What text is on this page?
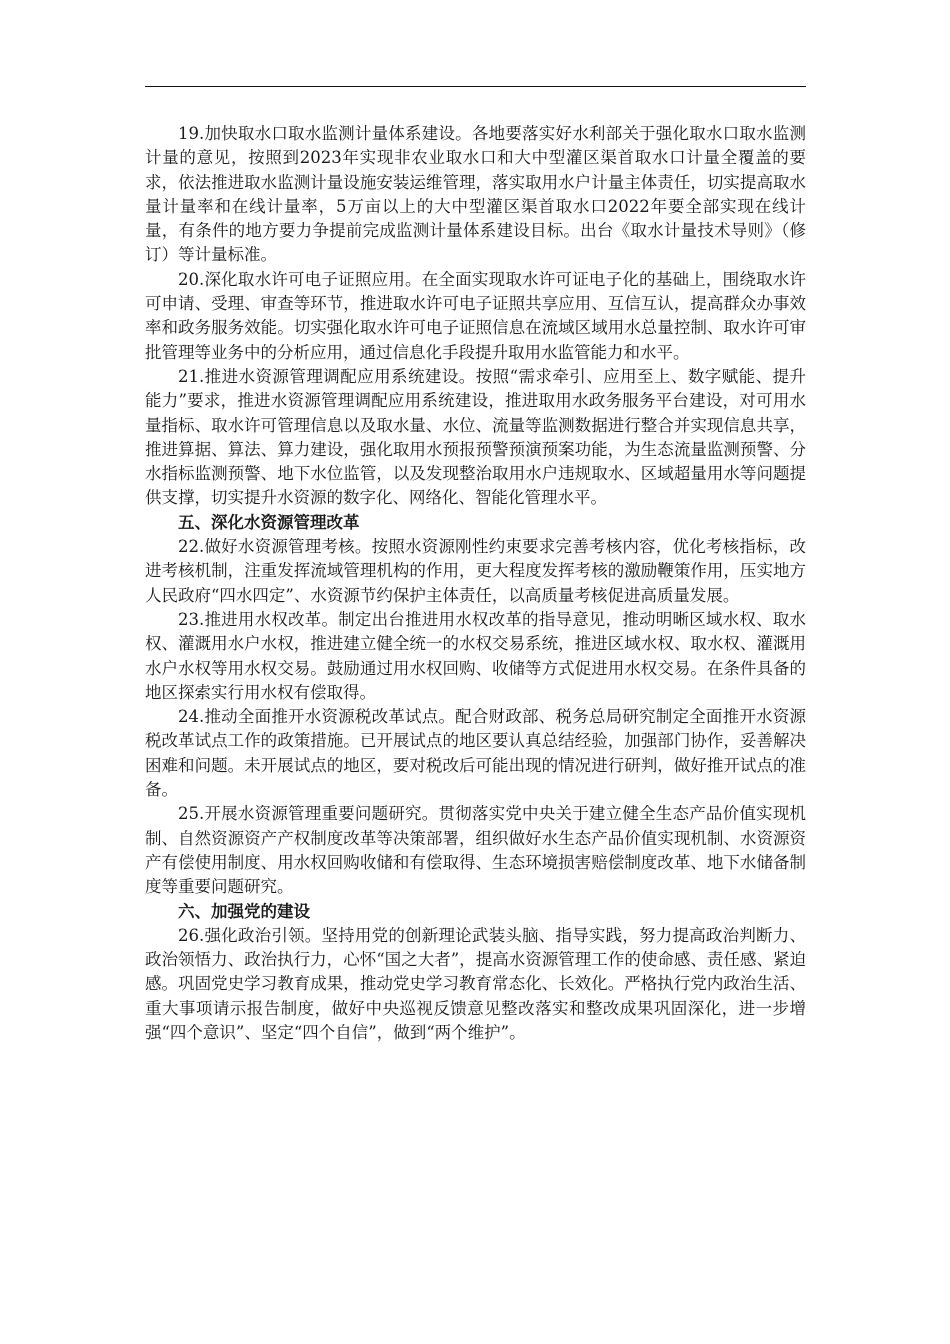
19.加快取水口取水监测计量体系建设。各地要落实好水利部关于强化取水口取水监测计量的意见，按照到2023年实现非农业取水口和大中型灌区渠首取水口计量全覆盖的要求，依法推进取水监测计量设施安装运维管理，落实取用水户计量主体责任，切实提高取水量计量率和在线计量率，5万亩以上的大中型灌区渠首取水口2022年要全部实现在线计量，有条件的地方要力争提前完成监测计量体系建设目标。出台《取水计量技术导则》（修订）等计量标准。

20.深化取水许可电子证照应用。在全面实现取水许可证电子化的基础上，围绕取水许可申请、受理、审查等环节，推进取水许可电子证照共享应用、互信互认，提高群众办事效率和政务服务效能。切实强化取水许可电子证照信息在流域区域用水总量控制、取水许可审批管理等业务中的分析应用，通过信息化手段提升取用水监管能力和水平。

21.推进水资源管理调配应用系统建设。按照“需求牵引、应用至上、数字赋能、提升能力”要求，推进水资源管理调配应用系统建设，推进取用水政务服务平台建设，对可用水量指标、取水许可管理信息以及取水量、水位、流量等监测数据进行整合并实现信息共享，推进算据、算法、算力建设，强化取用水预报预警预演预案功能，为生态流量监测预警、分水指标监测预警、地下水位监管，以及发现整治取用水户违规取水、区域超量用水等问题提供支撑，切实提升水资源的数字化、网络化、智能化管理水平。

五、深化水资源管理改革

22.做好水资源管理考核。按照水资源刚性约束要求完善考核内容，优化考核指标，改进考核机制，注重发挥流域管理机构的作用，更大程度发挥考核的激励鞭策作用，压实地方人民政府“四水四定”、水资源节约保护主体责任，以高质量考核促进高质量发展。

23.推进用水权改革。制定出台推进用水权改革的指导意见，推动明晰区域水权、取水权、灌溉用水户水权，推进建立健全统一的水权交易系统，推进区域水权、取水权、灌溉用水户水权等用水权交易。鼓励通过用水权回购、收储等方式促进用水权交易。在条件具备的地区探索实行用水权有偿取得。

24.推动全面推开水资源税改革试点。配合财政部、税务总局研究制定全面推开水资源税改革试点工作的政策措施。已开展试点的地区要认真总结经验，加强部门协作，妥善解决困难和问题。未开展试点的地区，要对税改后可能出现的情况进行研判，做好推开试点的准备。

25.开展水资源管理重要问题研究。贯彻落实党中央关于建立健全生态产品价值实现机制、自然资源资产产权制度改革等决策部署，组织做好水生态产品价值实现机制、水资源资产有偿使用制度、用水权回购收储和有偿取得、生态环境损害赔偿制度改革、地下水储备制度等重要问题研究。

六、加强党的建设

26.强化政治引领。坚持用党的创新理论武装头脑、指导实践，努力提高政治判断力、政治领悟力、政治执行力，心怀“国之大者”，提高水资源管理工作的使命感、责任感、紧迫感。巩固党史学习教育成果，推动党史学习教育常态化、长效化。严格执行党内政治生活、重大事项请示报告制度，做好中央巡视反馈意见整改落实和整改成果巩固深化，进一步增强“四个意识”、坚定“四个自信”，做到“两个维护”。
